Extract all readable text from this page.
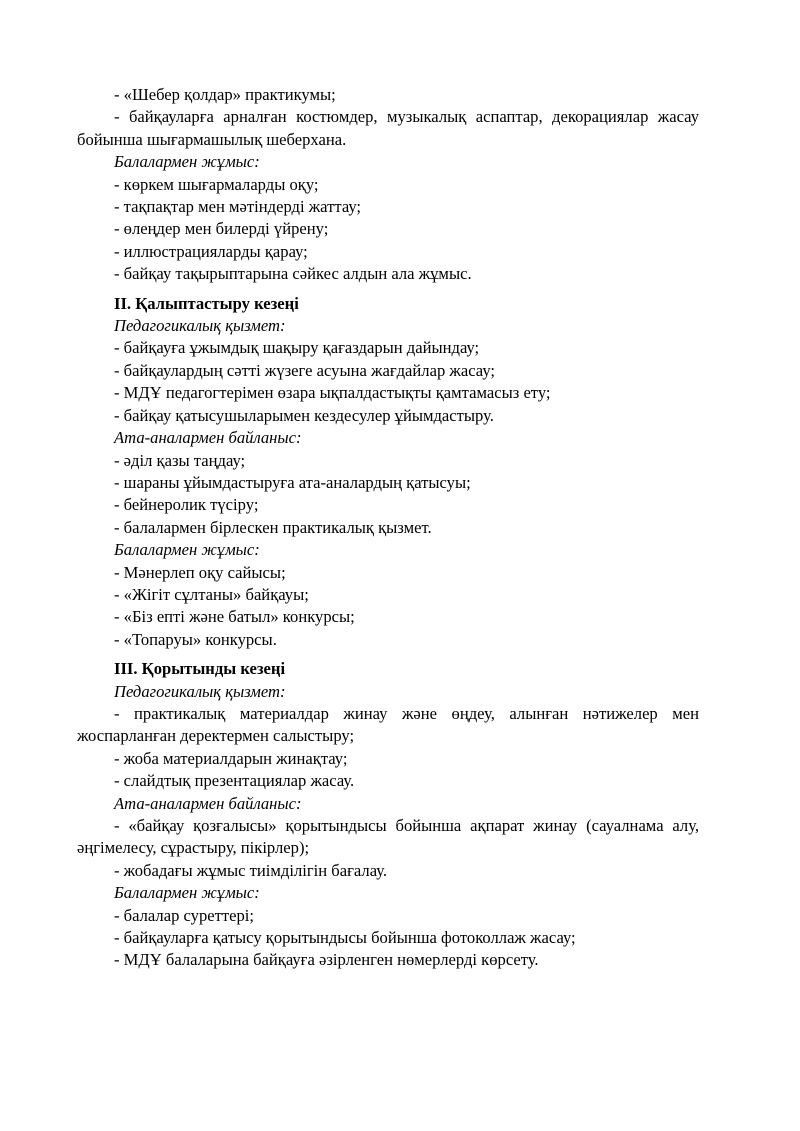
- «Шебер қолдар» практикумы;

- байқауларға арналған костюмдер, музыкалық аспаптар, декорациялар жасау бойынша шығармашылық шеберхана.

Балалармен жұмыс:

- көркем шығармаларды оқу;

- тақпақтар мен мәтіндерді жаттау;

- өлеңдер мен билерді үйрену;

- иллюстрацияларды қарау;

- байқау тақырыптарына сәйкес алдын ала жұмыс.

ІІ. Қалыптастыру кезеңі

Педагогикалық қызмет:

- байқауға ұжымдық шақыру қағаздарын дайындау;

- байқаулардың сәтті жүзеге асуына жағдайлар жасау;

- МДҰ педагогтерімен өзара ықпалдастықты қамтамасыз ету;

- байқау қатысушыларымен кездесулер ұйымдастыру.

Ата-аналармен байланыс:

- әділ қазы таңдау;

- шараны ұйымдастыруға ата-аналардың қатысуы;

- бейнеролик түсіру;

- балалармен бірлескен практикалық қызмет.

Балалармен жұмыс:

- Мәнерлеп оқу сайысы;

- «Жігіт сұлтаны» байқауы;

- «Біз епті және батыл» конкурсы;

- «Топаруы» конкурсы.

ІІІ. Қорытынды кезеңі

Педагогикалық қызмет:

- практикалық материалдар жинау және өңдеу, алынған нәтижелер мен жоспарланған деректермен салыстыру;

- жоба материалдарын жинақтау;

- слайдтық презентациялар жасау.

Ата-аналармен байланыс:

- «байқау қозғалысы» қорытындысы бойынша ақпарат жинау (сауалнама алу, әңгімелесу, сұрастыру, пікірлер);

- жобадағы жұмыс тиімділігін бағалау.

Балалармен жұмыс:

- балалар суреттері;

- байқауларға қатысу қорытындысы бойынша фотоколлаж жасау;

- МДҰ балаларына байқауға әзірленген нөмерлерді көрсету.
